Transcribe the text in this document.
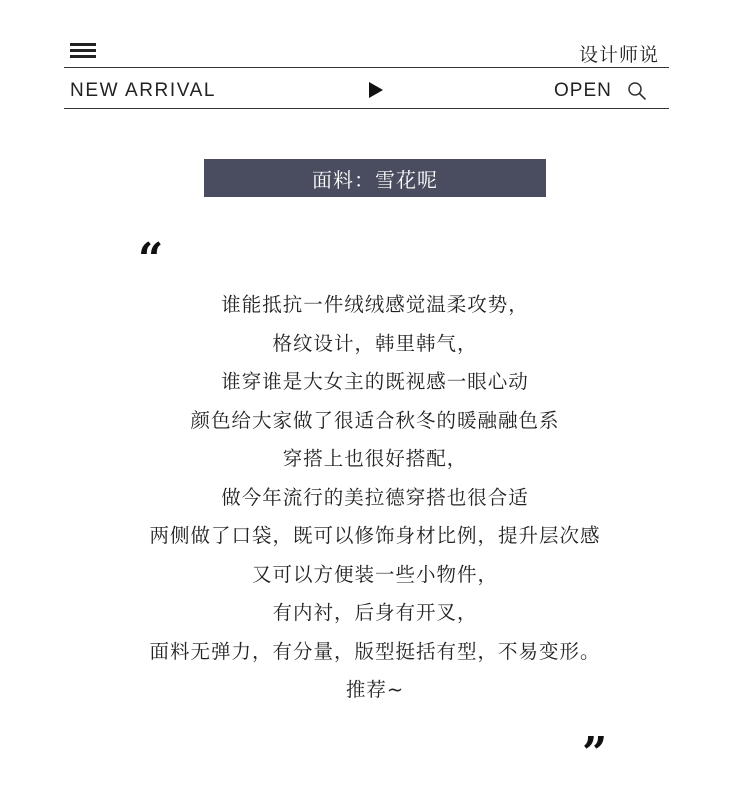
设计师说
NEW ARRIVAL	OPEN
面料：雪花呢
“
谁能抵抗一件绒绒感觉温柔攻势，
格纹设计，韩里韩气，
谁穿谁是大女主的既视感一眼心动
颜色给大家做了很适合秋冬的暖融融色系
穿搭上也很好搭配，
做今年流行的美拉德穿搭也很合适
两侧做了口袋，既可以修饰身材比例，提升层次感
又可以方便装一些小物件，
有内衬，后身有开叉，
面料无弹力，有分量，版型挺括有型，不易变形。
推荐~
”
